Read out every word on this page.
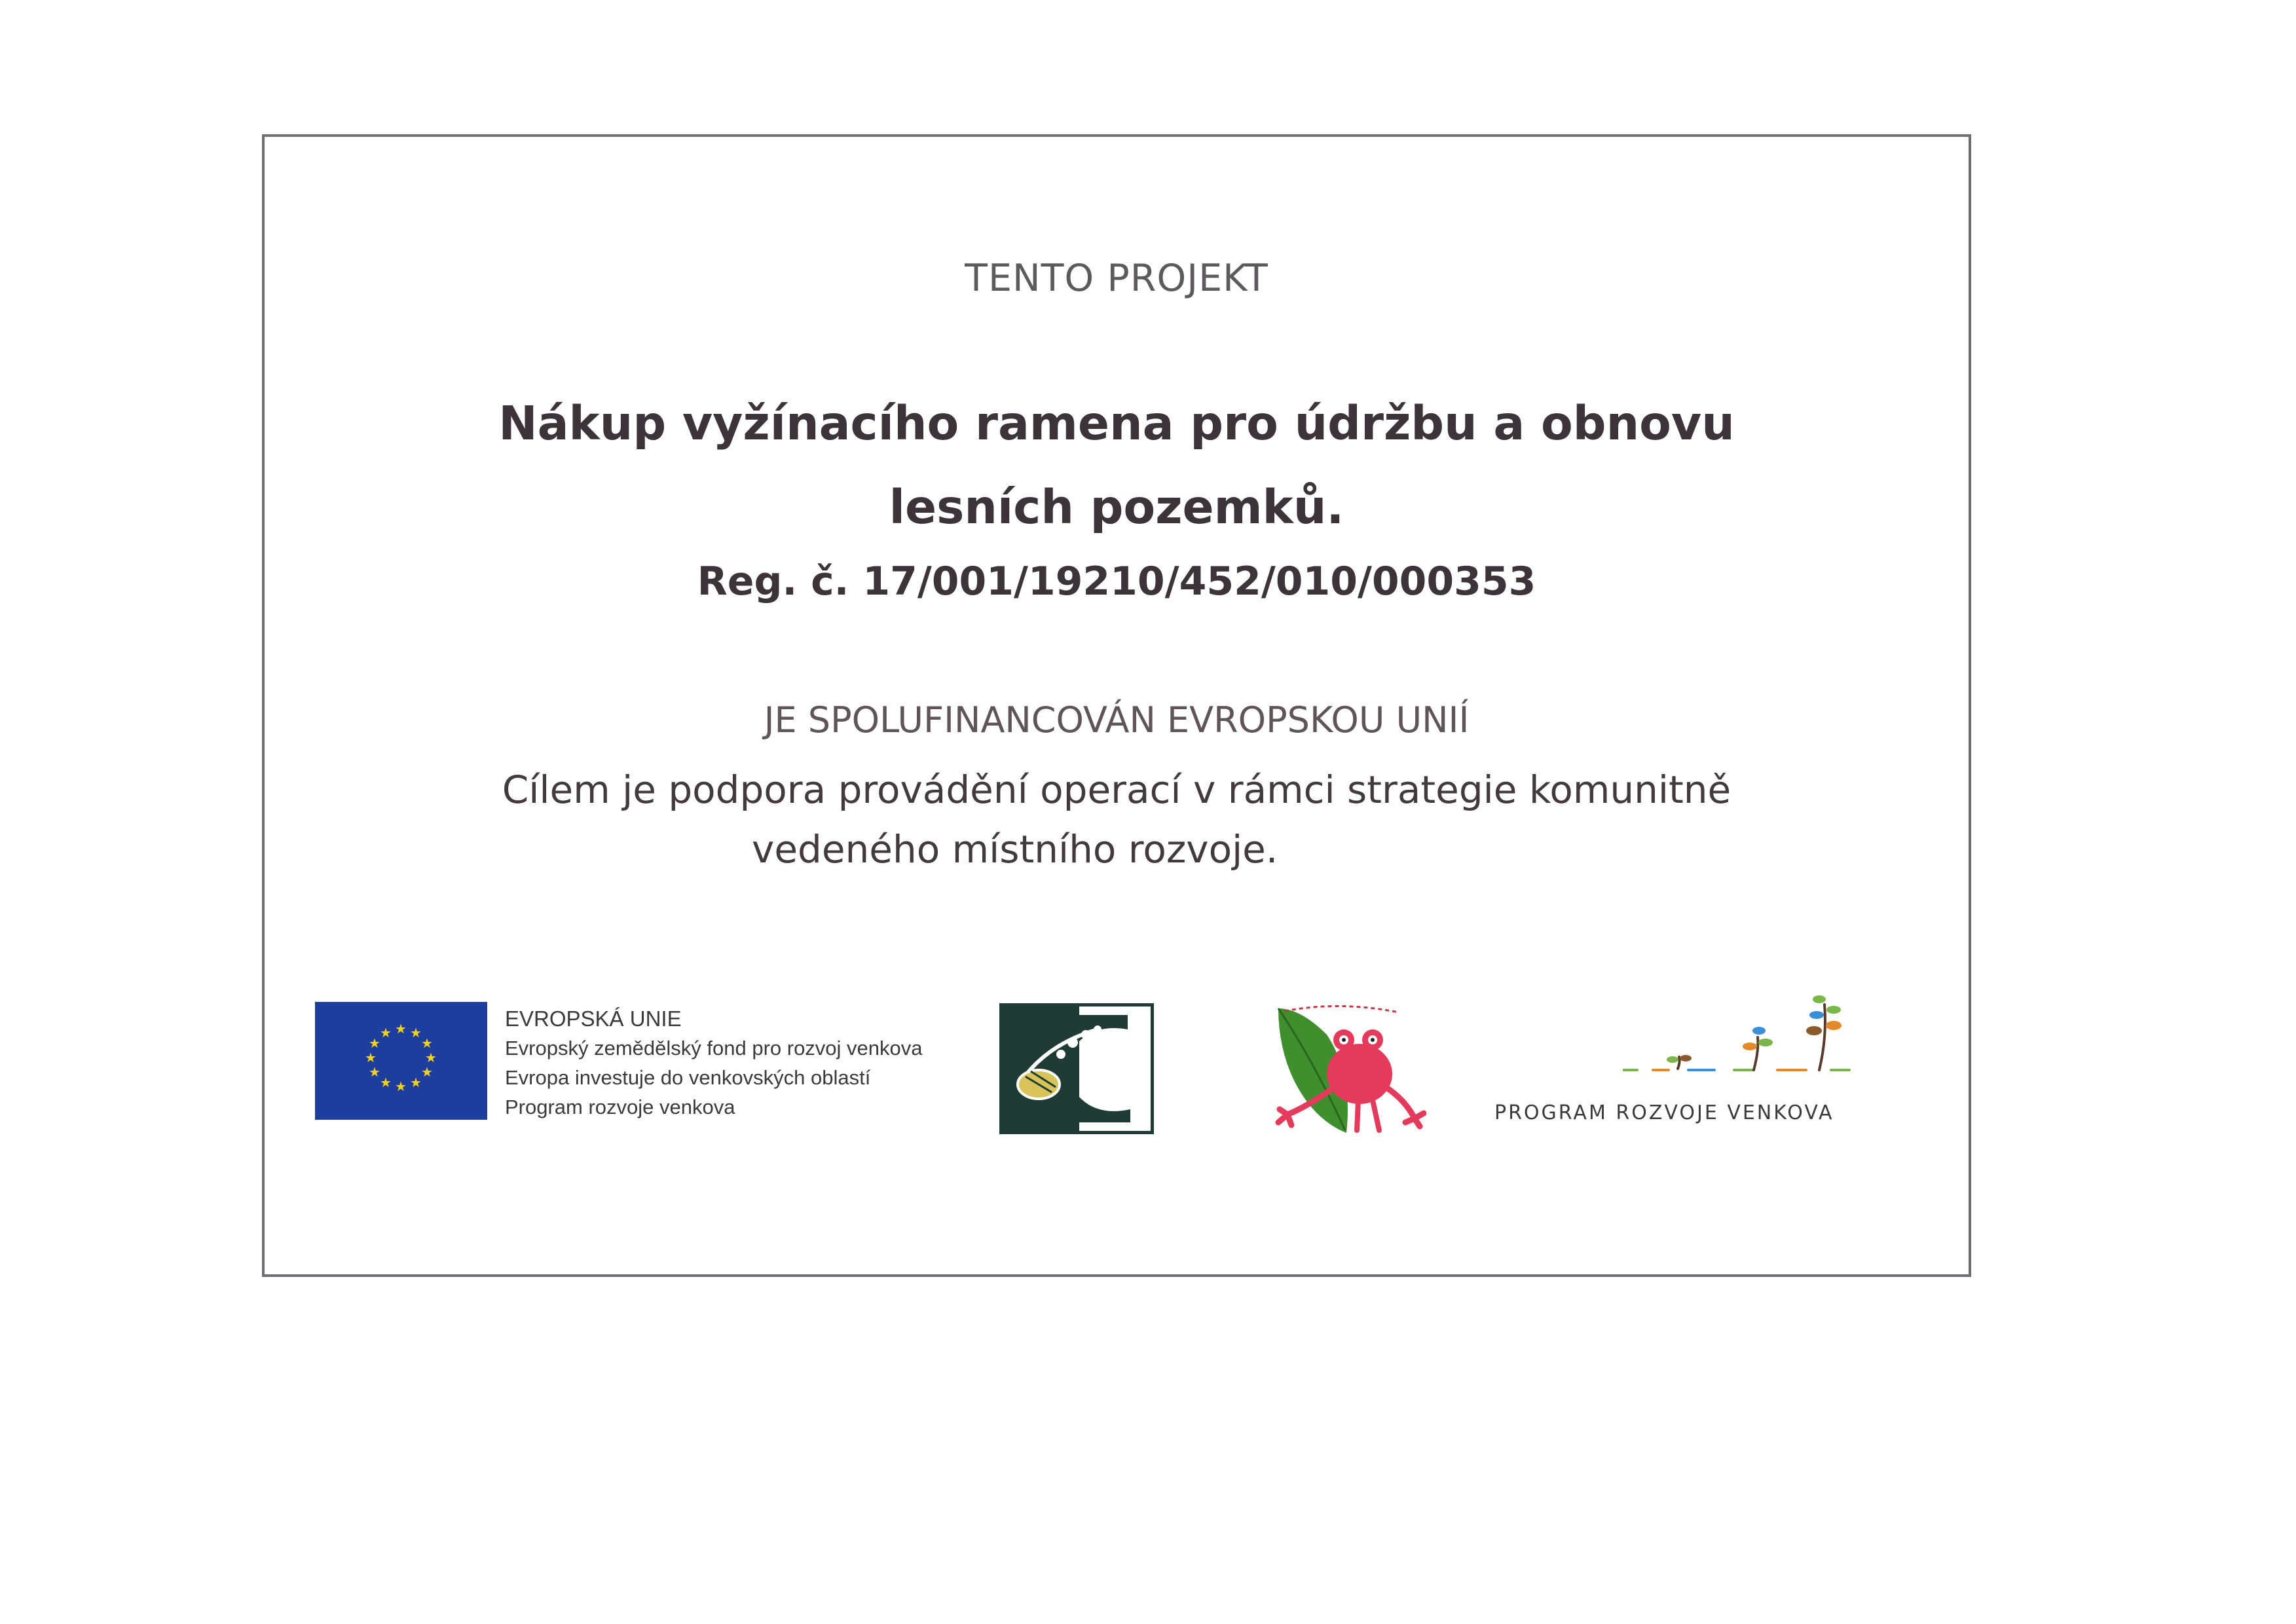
TENTO PROJEKT
Nákup vyžínacího ramena pro údržbu a obnovu
lesních pozemků.
Reg. č. 17/001/19210/452/010/000353
JE SPOLUFINANCOVÁN EVROPSKOU UNIÍ
Cílem je podpora provádění operací v rámci strategie komunitně
vedeného místního rozvoje.
★ ★
★
★
★
★
★
★
★
★
★
★
EVROPSKÁ UNIE
Evropský zemědělský fond pro rozvoj venkova
Evropa investuje do venkovských oblastí
Program rozvoje venkova	PROGRAM ROZVOJE VENKOVA
